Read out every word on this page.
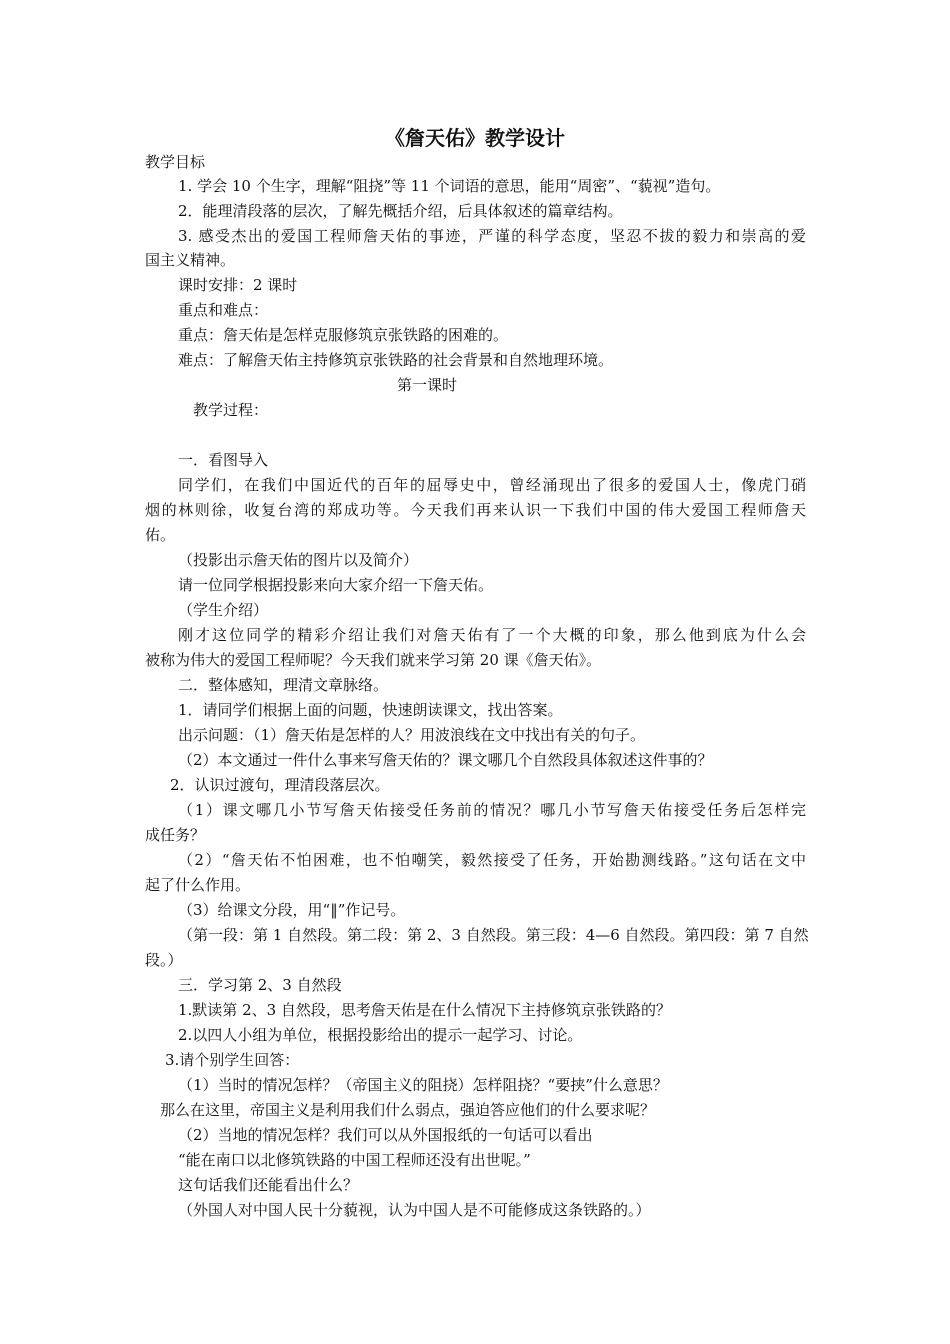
《詹天佑》教学设计

教学目标

1. 学会 10 个生字，理解“阻挠”等 11 个词语的意思，能用“周密”、“藐视”造句。

2．能理清段落的层次，了解先概括介绍，后具体叙述的篇章结构。

3. 感受杰出的爱国工程师詹天佑的事迹，严谨的科学态度，坚忍不拔的毅力和崇高的爱

国主义精神。

课时安排：2 课时

重点和难点：

重点：詹天佑是怎样克服修筑京张铁路的困难的。

难点：了解詹天佑主持修筑京张铁路的社会背景和自然地理环境。

第一课时

教学过程：

一．看图导入

同学们，在我们中国近代的百年的屈辱史中，曾经涌现出了很多的爱国人士，像虎门硝

烟的林则徐，收复台湾的郑成功等。今天我们再来认识一下我们中国的伟大爱国工程师詹天

佑。

（投影出示詹天佑的图片以及简介）

请一位同学根据投影来向大家介绍一下詹天佑。

（学生介绍）

刚才这位同学的精彩介绍让我们对詹天佑有了一个大概的印象，那么他到底为什么会

被称为伟大的爱国工程师呢？今天我们就来学习第 20 课《詹天佑》。

二．整体感知，理清文章脉络。

1．请同学们根据上面的问题，快速朗读课文，找出答案。

出示问题：（1）詹天佑是怎样的人？用波浪线在文中找出有关的句子。

（2）本文通过一件什么事来写詹天佑的？课文哪几个自然段具体叙述这件事的？

2．认识过渡句，理清段落层次。

（1）课文哪几小节写詹天佑接受任务前的情况？哪几小节写詹天佑接受任务后怎样完

成任务？

（2）“詹天佑不怕困难，也不怕嘲笑，毅然接受了任务，开始勘测线路。”这句话在文中

起了什么作用。

（3）给课文分段，用“‖”作记号。

（第一段：第 1 自然段。第二段：第 2、3 自然段。第三段：4—6 自然段。第四段：第 7 自然

段。）

三．学习第 2、3 自然段

1.默读第 2、3 自然段，思考詹天佑是在什么情况下主持修筑京张铁路的？

2.以四人小组为单位，根据投影给出的提示一起学习、讨论。

3.请个别学生回答：

（1）当时的情况怎样？（帝国主义的阻挠）怎样阻挠？“要挟”什么意思？

那么在这里，帝国主义是利用我们什么弱点，强迫答应他们的什么要求呢？

（2）当地的情况怎样？我们可以从外国报纸的一句话可以看出

“能在南口以北修筑铁路的中国工程师还没有出世呢。”

这句话我们还能看出什么？

（外国人对中国人民十分藐视，认为中国人是不可能修成这条铁路的。）
